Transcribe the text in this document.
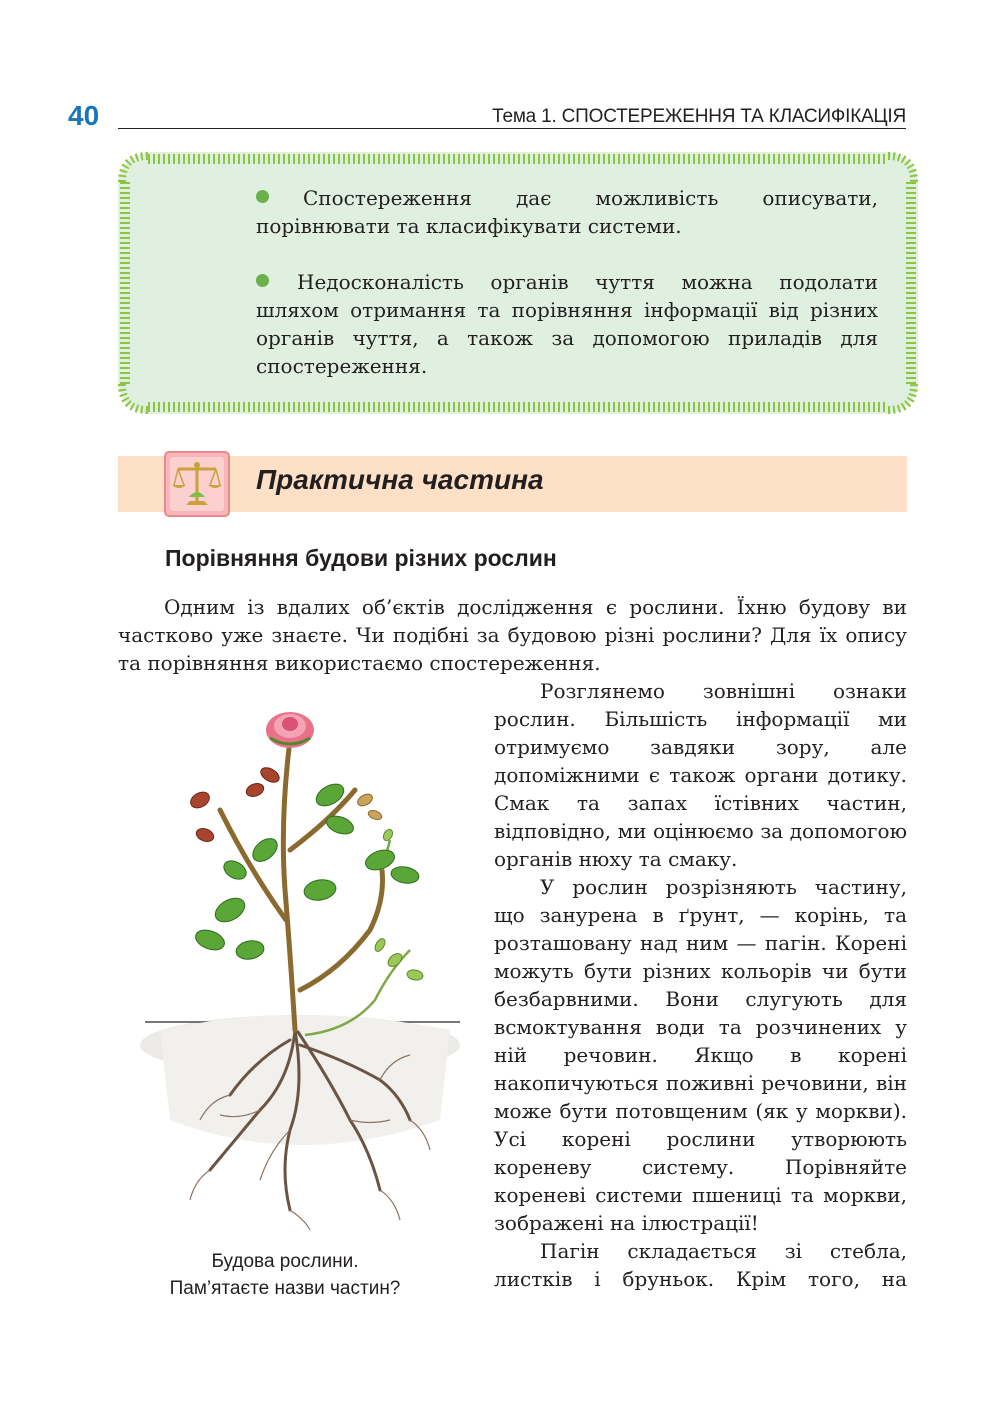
40	Тема 1. СПОСТЕРЕЖЕННЯ ТА КЛАСИФІКАЦІЯ
Спостереження дає можливість описувати, порівнювати та класифікувати системи.
Недосконалість органів чуття можна подолати шляхом отримання та порівняння інформації від різних органів чуття, а також за допомогою приладів для спостереження.
Практична частина
Порівняння будови різних рослин
Одним із вдалих об’єктів дослідження є рослини. Їхню будову ви частково уже знаєте. Чи подібні за будовою різні рослини? Для їх опису та порівняння використаємо спостереження.
Будова рослини.
Пам’ятаєте назви частин?

Розглянемо зовнішні ознаки рослин. Більшість інформації ми отримуємо завдяки зору, але допоміжними є також органи дотику. Смак та запах їстівних частин, відповідно, ми оцінюємо за допомогою органів нюху та смаку.

У рослин розрізняють частину, що занурена в ґрунт, — корінь, та розташовану над ним — пагін. Корені можуть бути різних кольорів чи бути безбарвними. Вони слугують для всмоктування води та розчинених у ній речовин. Якщо в корені накопичуються поживні речовини, він може бути потовщеним (як у моркви). Усі корені рослини утворюють кореневу систему. Порівняйте кореневі системи пшениці та моркви, зображені на ілюстрації!

Пагін складається зі стебла, листків і бруньок. Крім того, на
